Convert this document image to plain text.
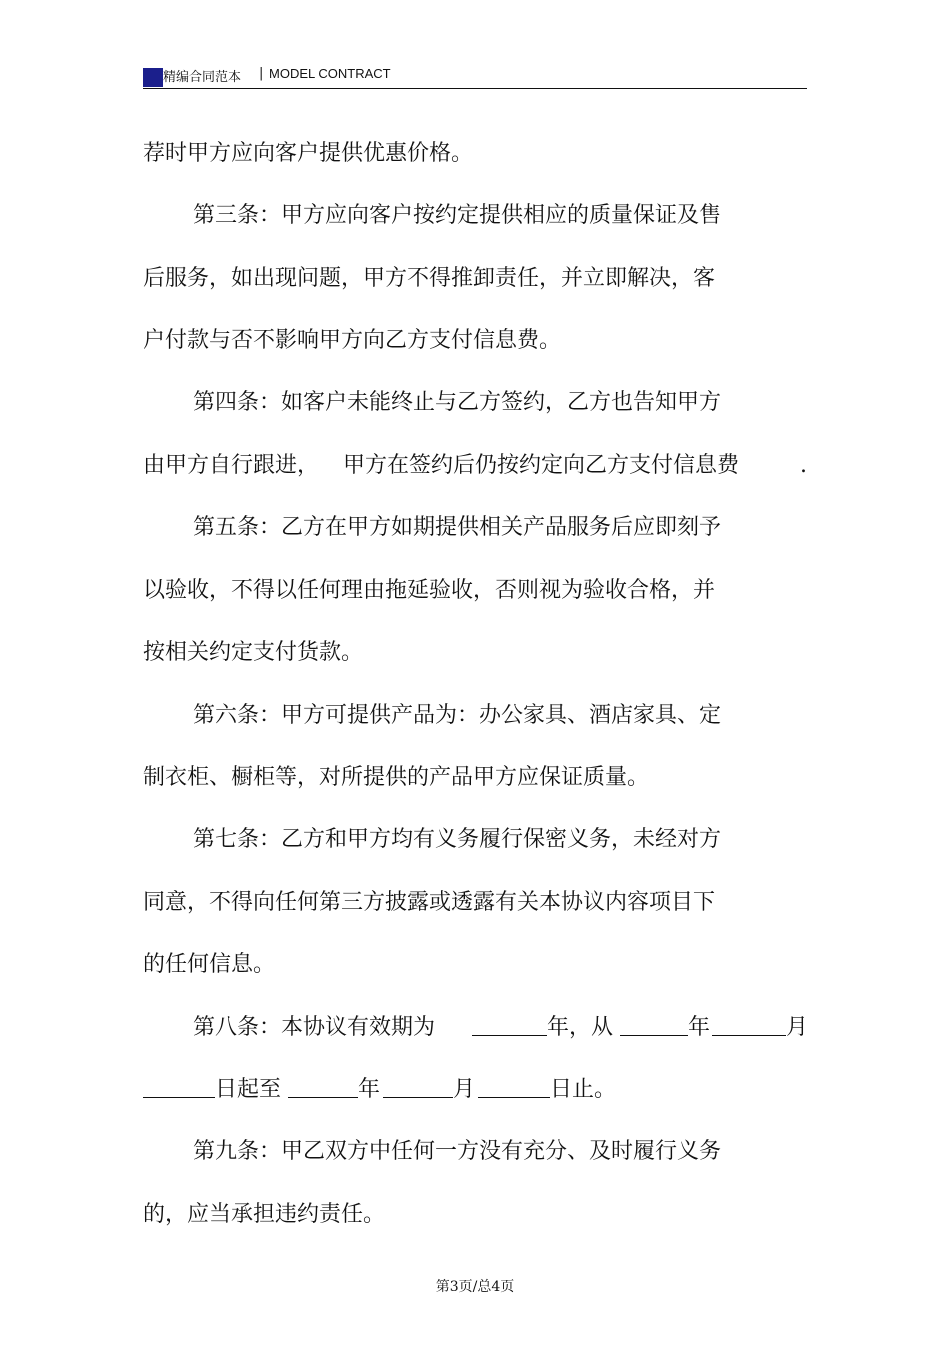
精编合同范本 | MODEL CONTRACT
荐时甲方应向客户提供优惠价格。
第三条：甲方应向客户按约定提供相应的质量保证及售
后服务，如出现问题，甲方不得推卸责任，并立即解决，客
户付款与否不影响甲方向乙方支付信息费。
第四条：如客户未能终止与乙方签约，乙方也告知甲方
由甲方自行跟进， 甲方在签约后仍按约定向乙方支付信息费	.
第五条：乙方在甲方如期提供相关产品服务后应即刻予
以验收，不得以任何理由拖延验收，否则视为验收合格，并
按相关约定支付货款。
第六条：甲方可提供产品为：办公家具、酒店家具、定
制衣柜、橱柜等，对所提供的产品甲方应保证质量。
第七条：乙方和甲方均有义务履行保密义务，未经对方
同意，不得向任何第三方披露或透露有关本协议内容项目下
的任何信息。
第八条：本协议有效期为	年，从	年	月
日起至	年	月	日止。
第九条：甲乙双方中任何一方没有充分、及时履行义务
的，应当承担违约责任。
第3页/总4页
